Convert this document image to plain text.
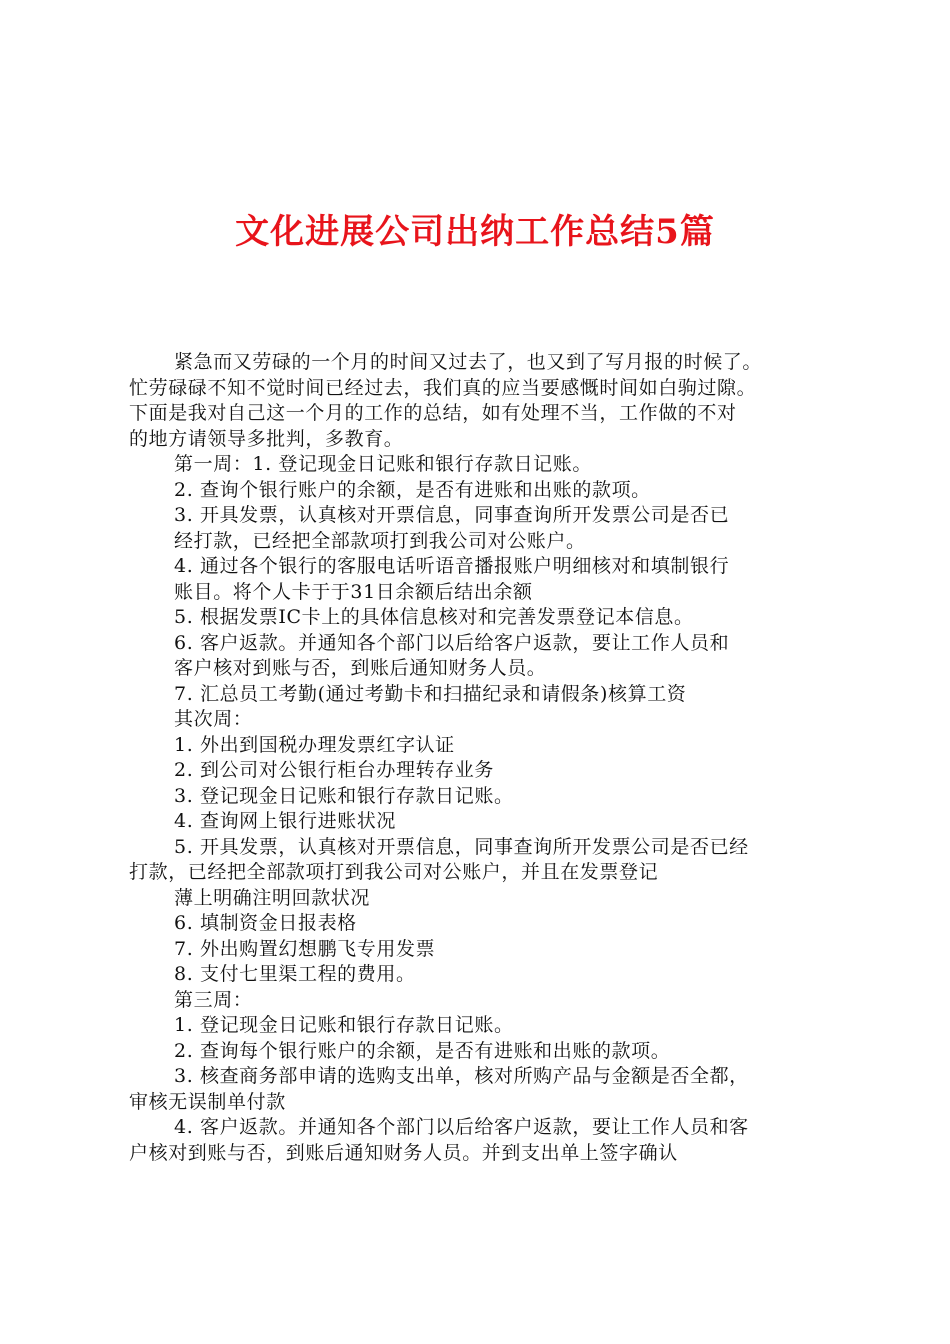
文化进展公司出纳工作总结5篇
紧急而又劳碌的一个月的时间又过去了，也又到了写月报的时候了。
忙劳碌碌不知不觉时间已经过去，我们真的应当要感慨时间如白驹过隙。
下面是我对自己这一个月的工作的总结，如有处理不当，工作做的不对
的地方请领导多批判，多教育。
第一周：1. 登记现金日记账和银行存款日记账。
2. 查询个银行账户的余额，是否有进账和出账的款项。
3. 开具发票，认真核对开票信息，同事查询所开发票公司是否已
经打款，已经把全部款项打到我公司对公账户。
4. 通过各个银行的客服电话听语音播报账户明细核对和填制银行
账目。将个人卡于于31日余额后结出余额
5. 根据发票IC卡上的具体信息核对和完善发票登记本信息。
6. 客户返款。并通知各个部门以后给客户返款，要让工作人员和
客户核对到账与否，到账后通知财务人员。
7. 汇总员工考勤(通过考勤卡和扫描纪录和请假条)核算工资
其次周：
1. 外出到国税办理发票红字认证
2. 到公司对公银行柜台办理转存业务
3. 登记现金日记账和银行存款日记账。
4. 查询网上银行进账状况
5. 开具发票，认真核对开票信息，同事查询所开发票公司是否已经
打款，已经把全部款项打到我公司对公账户，并且在发票登记
薄上明确注明回款状况
6. 填制资金日报表格
7. 外出购置幻想鹏飞专用发票
8. 支付七里渠工程的费用。
第三周：
1. 登记现金日记账和银行存款日记账。
2. 查询每个银行账户的余额，是否有进账和出账的款项。
3. 核查商务部申请的选购支出单，核对所购产品与金额是否全都，
审核无误制单付款
4. 客户返款。并通知各个部门以后给客户返款，要让工作人员和客
户核对到账与否，到账后通知财务人员。并到支出单上签字确认
